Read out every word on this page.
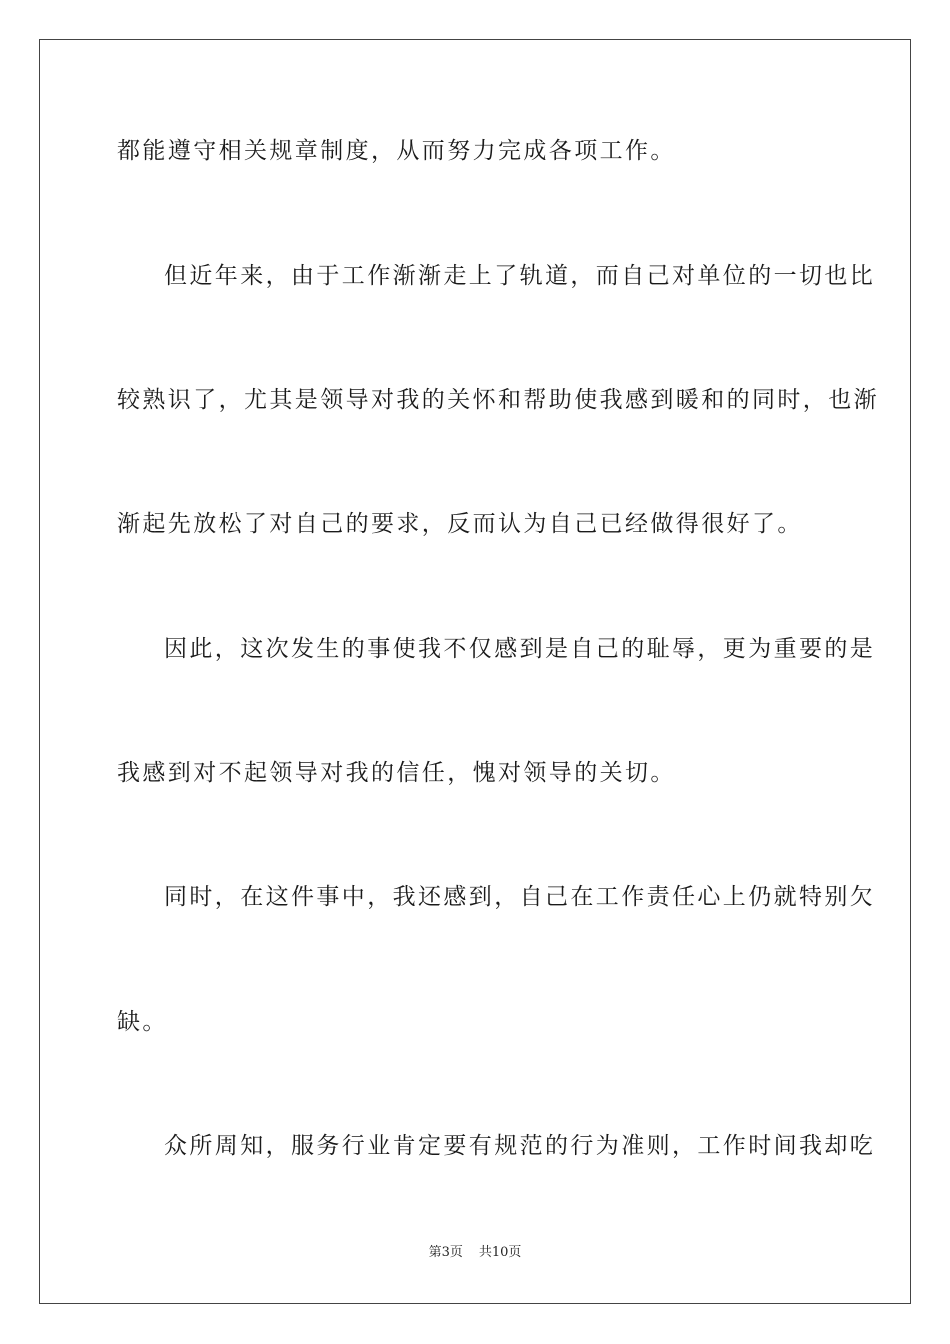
都能遵守相关规章制度，从而努力完成各项工作。
但近年来，由于工作渐渐走上了轨道，而自己对单位的一切也比
较熟识了，尤其是领导对我的关怀和帮助使我感到暖和的同时，也渐
渐起先放松了对自己的要求，反而认为自己已经做得很好了。
因此，这次发生的事使我不仅感到是自己的耻辱，更为重要的是
我感到对不起领导对我的信任，愧对领导的关切。
同时，在这件事中，我还感到，自己在工作责任心上仍就特别欠
缺。
众所周知，服务行业肯定要有规范的行为准则，工作时间我却吃
第3页 共10页
